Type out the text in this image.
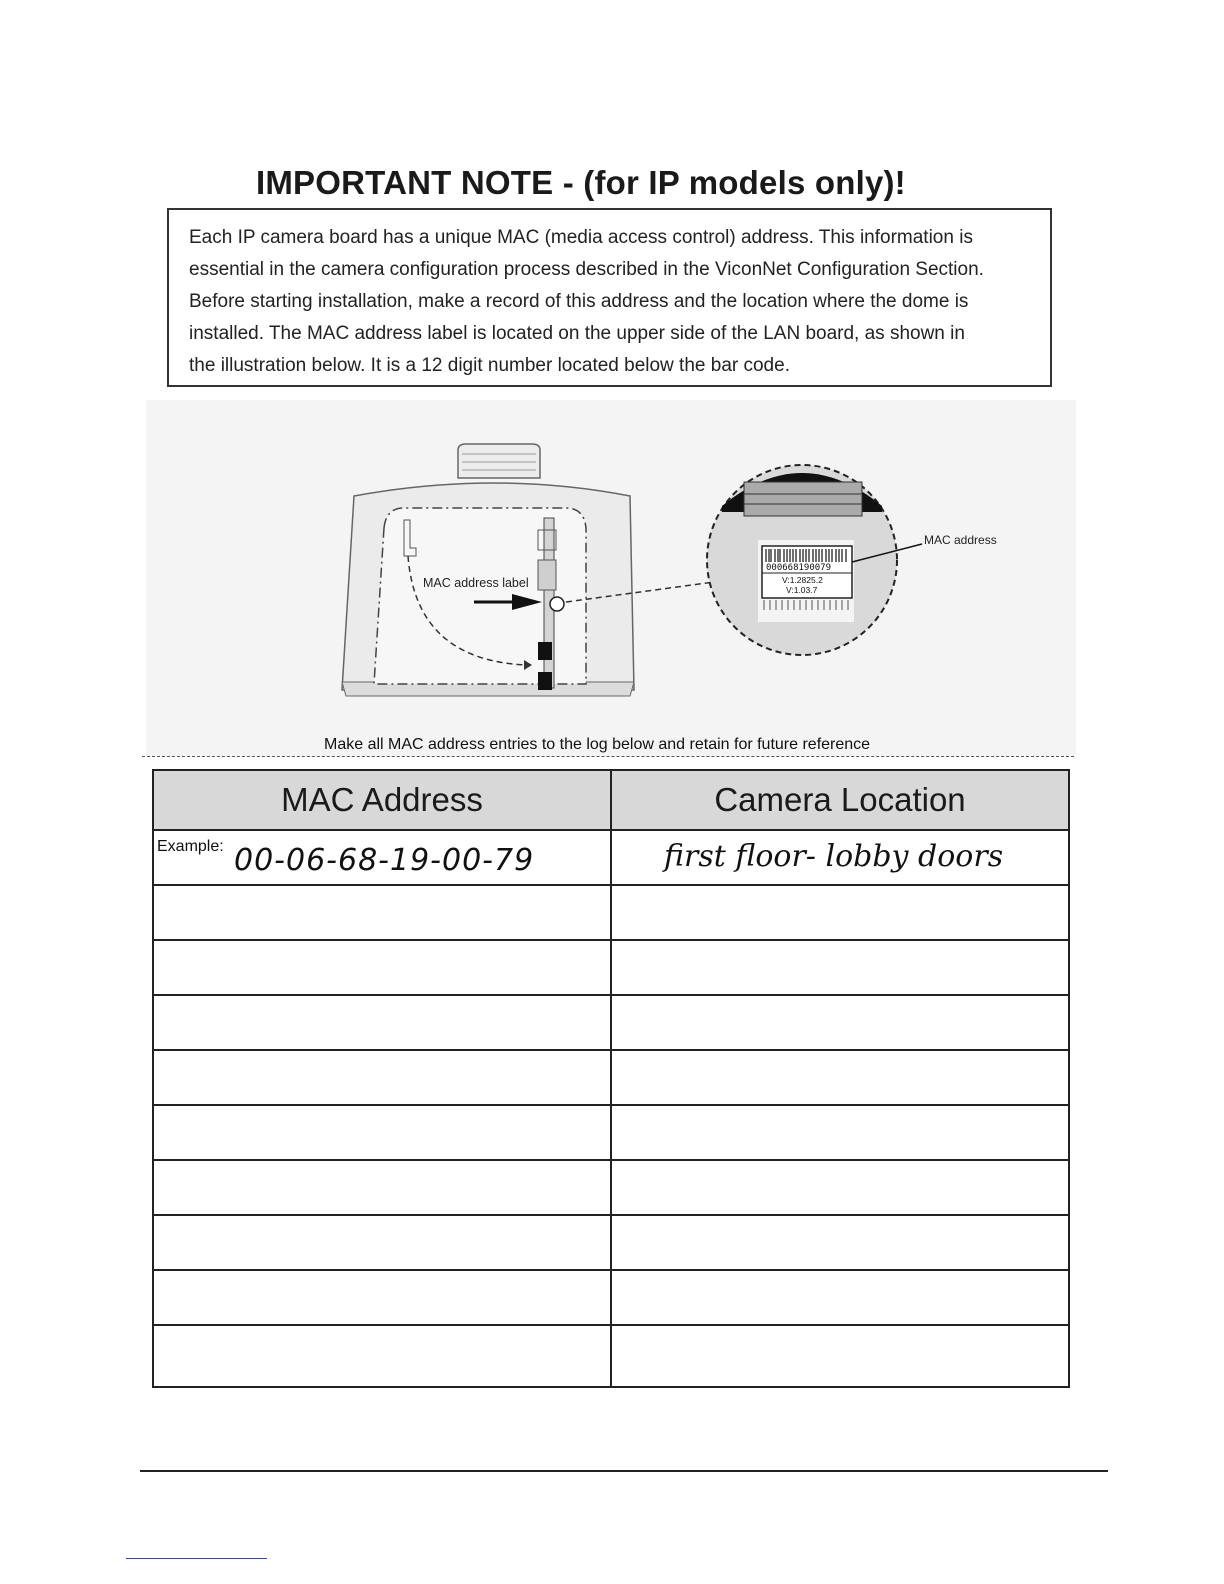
IMPORTANT NOTE - (for IP models only)!

Each IP camera board has a unique MAC (media access control) address. This information is

essential in the camera configuration process described in the ViconNet Configuration Section.

Before starting installation, make a record of this address and the location where the dome is

installed. The MAC address label is located on the upper side of the LAN board, as shown in

the illustration below. It is a 12 digit number located below the bar code.

MAC address label
000668190079
V:1.2825.2
V:1.03.7
MAC address
Make all MAC address entries to the log below and retain for future reference
MAC Address	Camera Location

Example: 00-06-68-19-00-79	first floor- lobby doors
